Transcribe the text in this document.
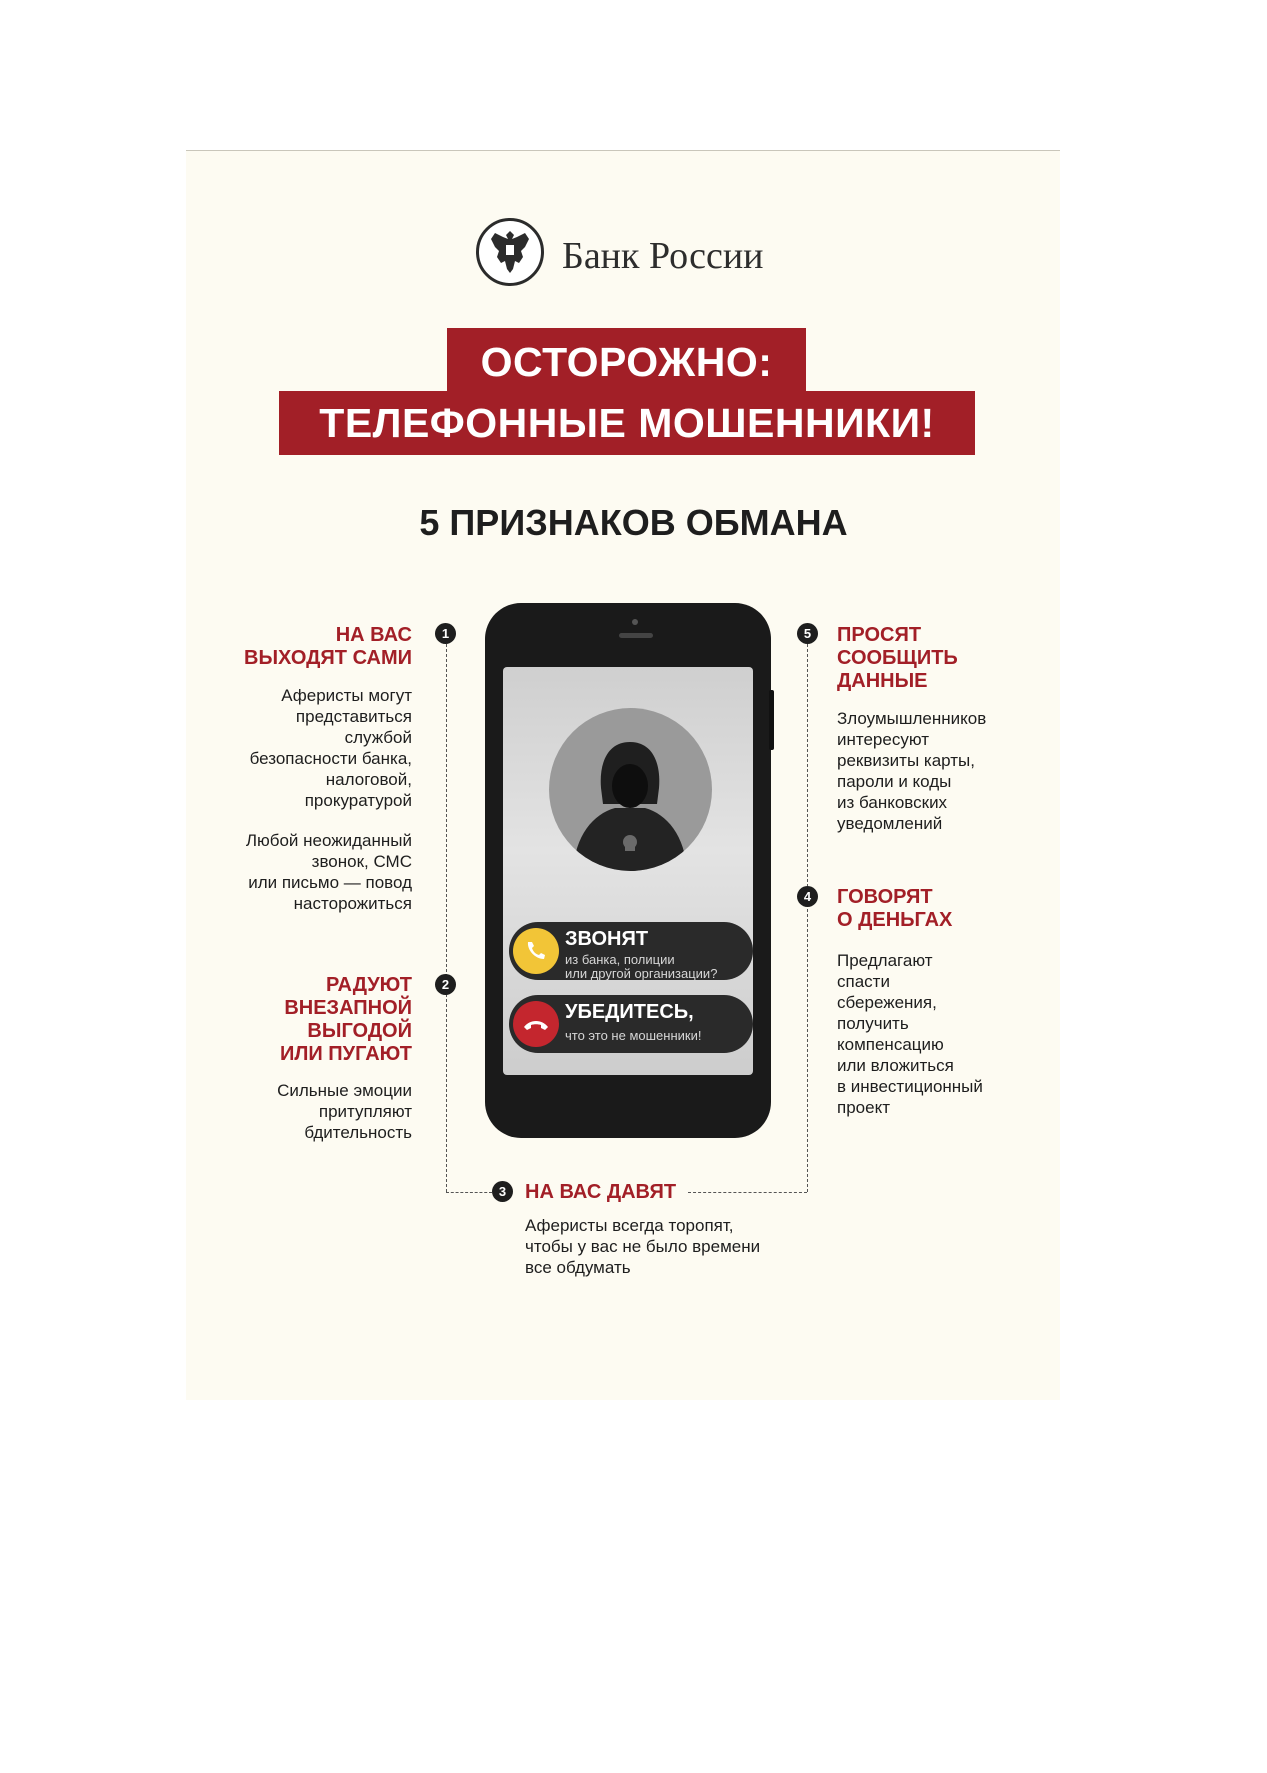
Банк России
ОСТОРОЖНО:
ТЕЛЕФОННЫЕ МОШЕННИКИ!
5 ПРИЗНАКОВ ОБМАНА
1
НА ВАС
ВЫХОДЯТ САМИ
Аферисты могут
представиться
службой
безопасности банка,
налоговой,
прокуратурой
Любой неожиданный
звонок, СМС
или письмо — повод
насторожиться
2
РАДУЮТ
ВНЕЗАПНОЙ
ВЫГОДОЙ
ИЛИ ПУГАЮТ
Сильные эмоции
притупляют
бдительность
5	ПРОСЯТ
СООБЩИТЬ
ДАННЫЕ
Злоумышленников
интересуют
реквизиты карты,
пароли и коды
из банковских
уведомлений
4	ГОВОРЯТ
О ДЕНЬГАХ
Предлагают
спасти
сбережения,
получить
компенсацию
или вложиться
в инвестиционный
проект
3 НА ВАС ДАВЯТ
Аферисты всегда торопят,
чтобы у вас не было времени
все обдумать
ЗВОНЯТ
из банка, полиции
или другой организации?
УБЕДИТЕСЬ,
что это не мошенники!
